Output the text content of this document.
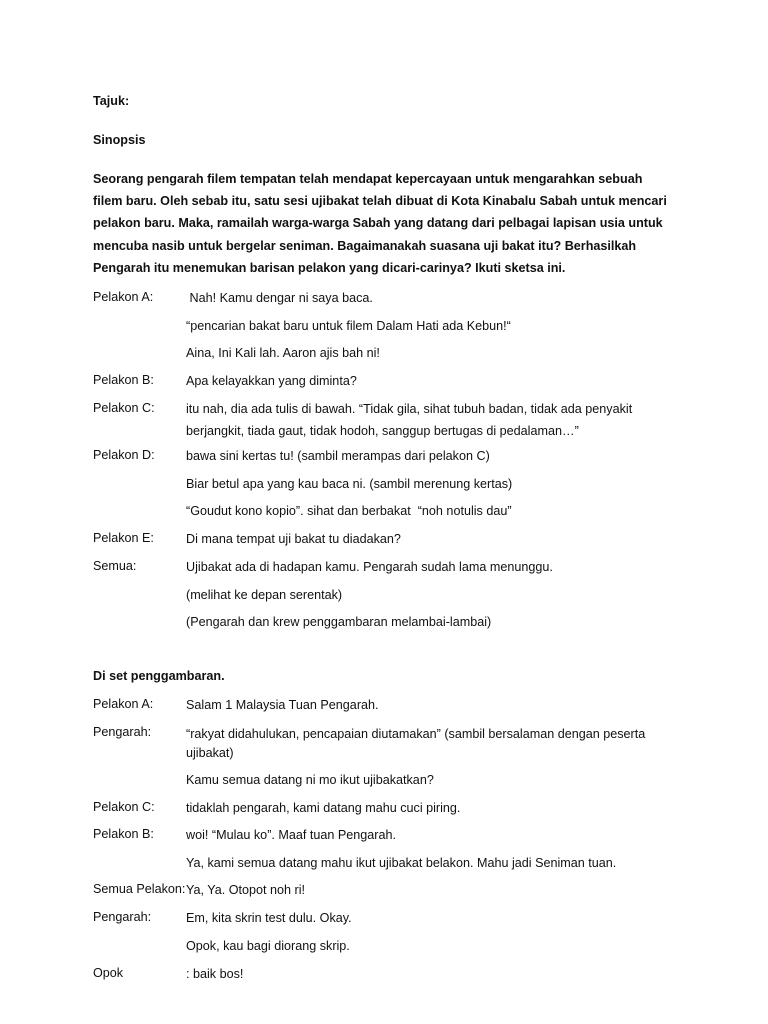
Tajuk:
Sinopsis

Seorang pengarah filem tempatan telah mendapat kepercayaan untuk mengarahkan sebuah filem baru. Oleh sebab itu, satu sesi ujibakat telah dibuat di Kota Kinabalu Sabah untuk mencari pelakon baru. Maka, ramailah warga-warga Sabah yang datang dari pelbagai lapisan usia untuk mencuba nasib untuk bergelar seniman. Bagaimanakah suasana uji bakat itu? Berhasilkah Pengarah itu menemukan barisan pelakon yang dicari-carinya? Ikuti sketsa ini.

Pelakon A:	Nah! Kamu dengar ni saya baca.
“pencarian bakat baru untuk filem Dalam Hati ada Kebun!“
Aina, Ini Kali lah. Aaron ajis bah ni!
Pelakon B:	Apa kelayakkan yang diminta?
Pelakon C: itu nah, dia ada tulis di bawah. “Tidak gila, sihat tubuh badan, tidak ada penyakit berjangkit, tiada gaut, tidak hodoh, sanggup bertugas di pedalaman…”
Pelakon D: bawa sini kertas tu! (sambil merampas dari pelakon C)
Biar betul apa yang kau baca ni. (sambil merenung kertas)
“Goudut kono kopio”. sihat dan berbakat  “noh notulis dau”
Pelakon E:	Di mana tempat uji bakat tu diadakan?
Semua:	Ujibakat ada di hadapan kamu. Pengarah sudah lama menunggu.
(melihat ke depan serentak)
(Pengarah dan krew penggambaran melambai-lambai)
Di set penggambaran.
Pelakon A:	Salam 1 Malaysia Tuan Pengarah.
Pengarah:	“rakyat didahulukan, pencapaian diutamakan” (sambil bersalaman dengan peserta ujibakat)
Kamu semua datang ni mo ikut ujibakatkan?
Pelakon C: tidaklah pengarah, kami datang mahu cuci piring.
Pelakon B:	woi! “Mulau ko”. Maaf tuan Pengarah.
Ya, kami semua datang mahu ikut ujibakat belakon. Mahu jadi Seniman tuan.
Semua Pelakon: Ya, Ya. Otopot noh ri!
Pengarah:	Em, kita skrin test dulu. Okay.
Opok, kau bagi diorang skrip.
Opok	: baik bos!
